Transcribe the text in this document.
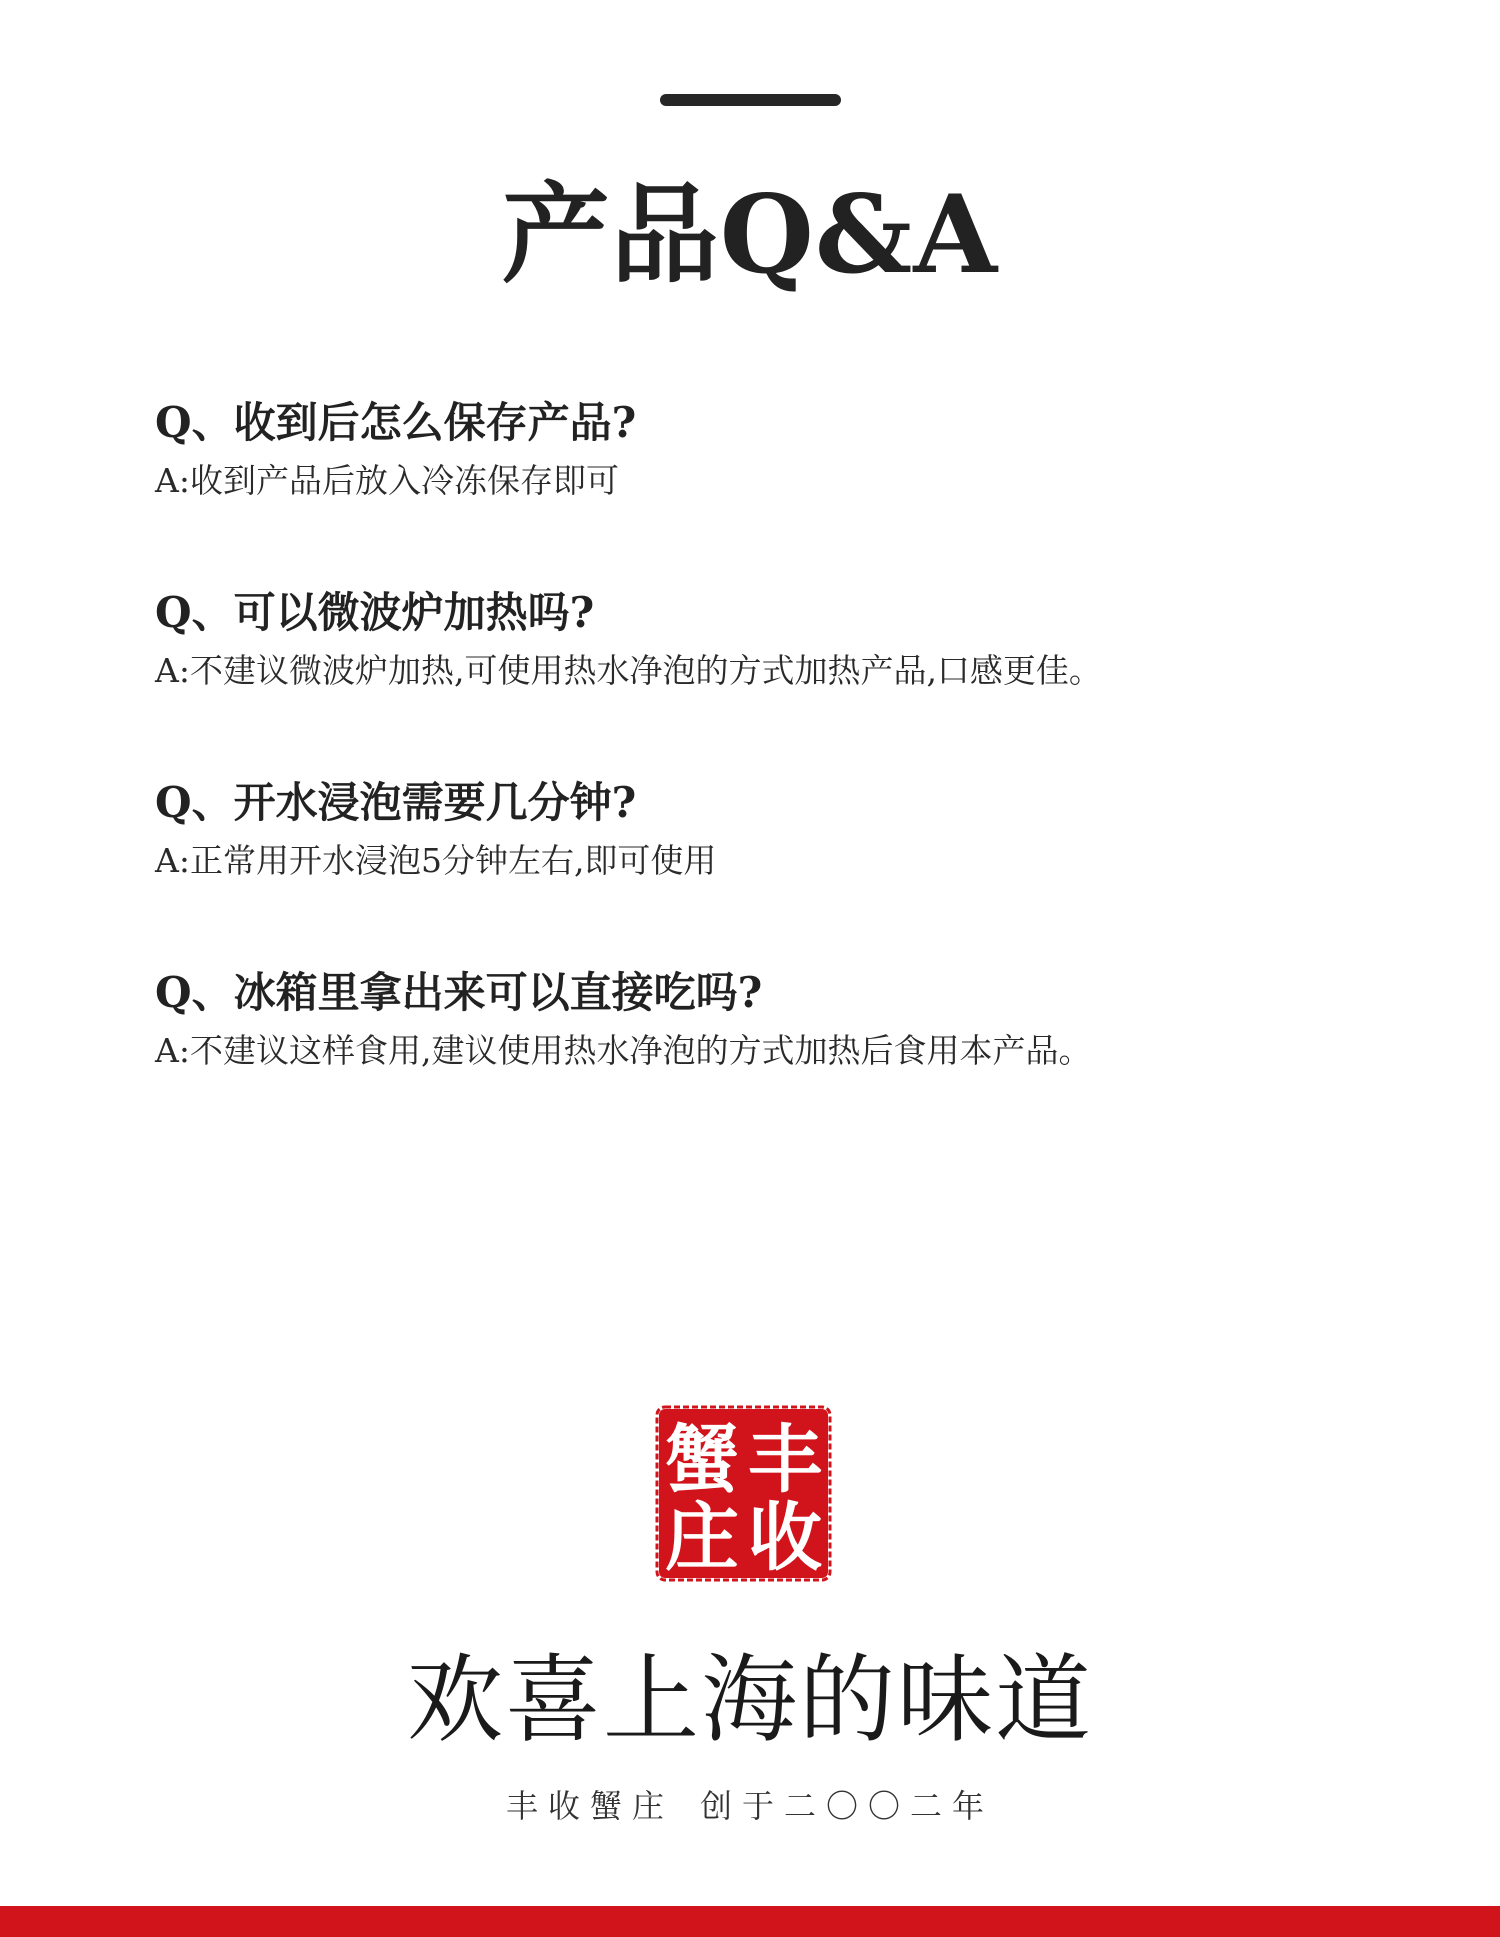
产品Q&A
Q、收到后怎么保存产品?
A:收到产品后放入冷冻保存即可
Q、可以微波炉加热吗?
A:不建议微波炉加热,可使用热水净泡的方式加热产品,口感更佳。
Q、开水浸泡需要几分钟?
A:正常用开水浸泡5分钟左右,即可使用
Q、冰箱里拿出来可以直接吃吗?
A:不建议这样食用,建议使用热水净泡的方式加热后食用本产品。
丰
收
蟹
庄
欢喜上海的味道
丰收蟹庄 创于二〇〇二年
